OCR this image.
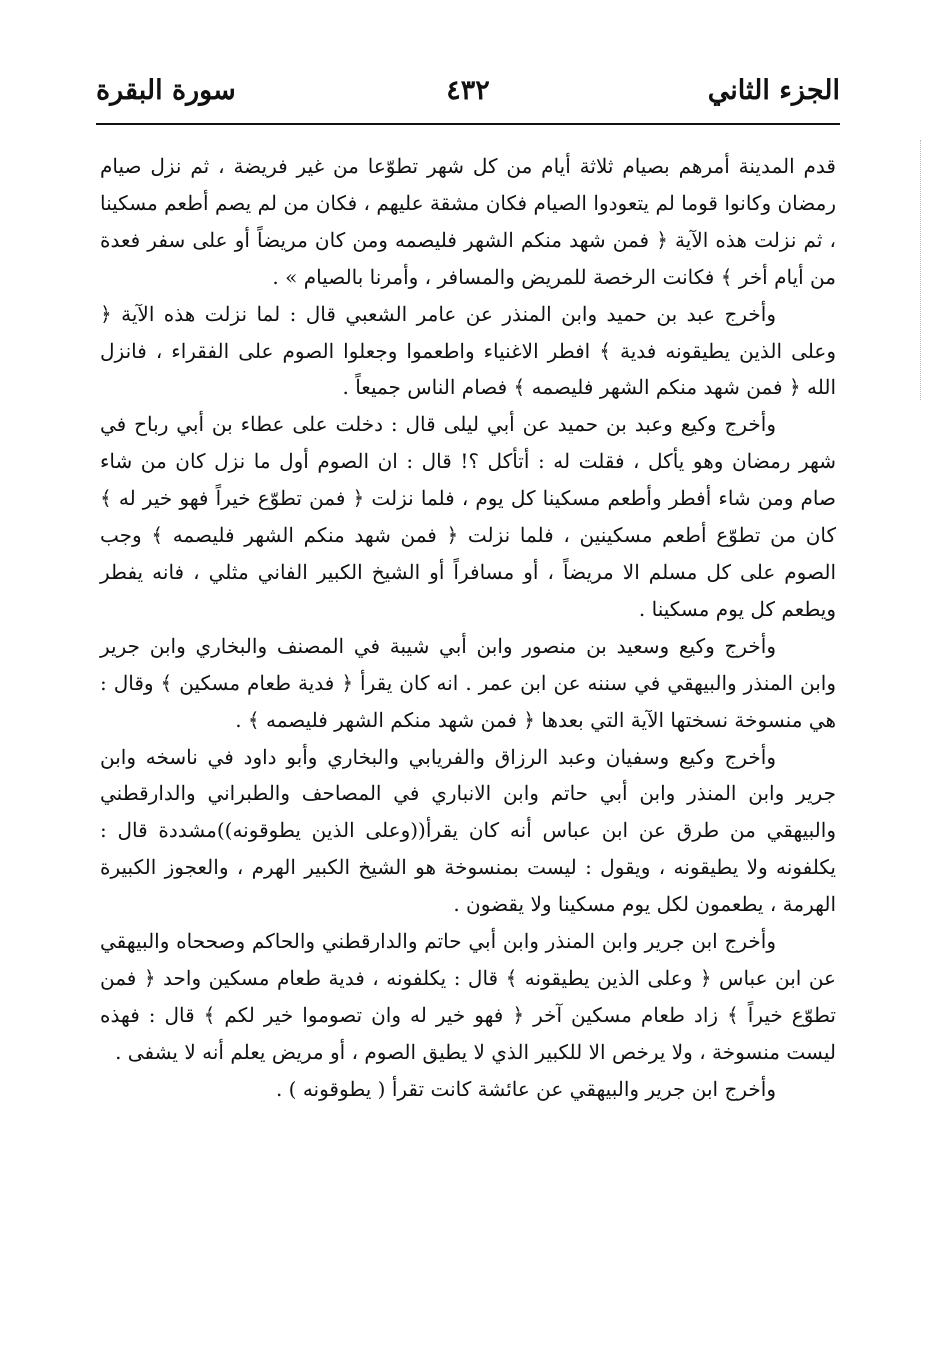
الجزء الثاني
٤٣٢
سورة البقرة

قدم المدينة أمرهم بصيام ثلاثة أيام من كل شهر تطوّعا من غير فريضة ، ثم نزل صيام رمضان وكانوا قوما لم يتعودوا الصيام فكان مشقة عليهم ، فكان من لم يصم أطعم مسكينا ، ثم نزلت هذه الآية ﴿ فمن شهد منكم الشهر فليصمه ومن كان مريضاً أو على سفر فعدة من أيام أخر ﴾ فكانت الرخصة للمريض والمسافر ، وأمرنا بالصيام » .

وأخرج عبد بن حميد وابن المنذر عن عامر الشعبي قال : لما نزلت هذه الآية ﴿ وعلى الذين يطيقونه فدية ﴾ افطر الاغنياء واطعموا وجعلوا الصوم على الفقراء ، فانزل الله ﴿ فمن شهد منكم الشهر فليصمه ﴾ فصام الناس جميعاً .

وأخرج وكيع وعبد بن حميد عن أبي ليلى قال : دخلت على عطاء بن أبي رباح في شهر رمضان وهو يأكل ، فقلت له : أتأكل ؟! قال : ان الصوم أول ما نزل كان من شاء صام ومن شاء أفطر وأطعم مسكينا كل يوم ، فلما نزلت ﴿ فمن تطوّع خيراً فهو خير له ﴾ كان من تطوّع أطعم مسكينين ، فلما نزلت ﴿ فمن شهد منكم الشهر فليصمه ﴾ وجب الصوم على كل مسلم الا مريضاً ، أو مسافراً أو الشيخ الكبير الفاني مثلي ، فانه يفطر ويطعم كل يوم مسكينا .

وأخرج وكيع وسعيد بن منصور وابن أبي شيبة في المصنف والبخاري وابن جرير وابن المنذر والبيهقي في سننه عن ابن عمر . انه كان يقرأ ﴿ فدية طعام مسكين ﴾ وقال : هي منسوخة نسختها الآية التي بعدها ﴿ فمن شهد منكم الشهر فليصمه ﴾ .

وأخرج وكيع وسفيان وعبد الرزاق والفريابي والبخاري وأبو داود في ناسخه وابن جرير وابن المنذر وابن أبي حاتم وابن الانباري في المصاحف والطبراني والدارقطني والبيهقي من طرق عن ابن عباس أنه كان يقرأ((وعلى الذين يطوقونه))مشددة قال : يكلفونه ولا يطيقونه ، ويقول : ليست بمنسوخة هو الشيخ الكبير الهرم ، والعجوز الكبيرة الهرمة ، يطعمون لكل يوم مسكينا ولا يقضون .

وأخرج ابن جرير وابن المنذر وابن أبي حاتم والدارقطني والحاكم وصححاه والبيهقي عن ابن عباس ﴿ وعلى الذين يطيقونه ﴾ قال : يكلفونه ، فدية طعام مسكين واحد ﴿ فمن تطوّع خيراً ﴾ زاد طعام مسكين آخر ﴿ فهو خير له وان تصوموا خير لكم ﴾ قال : فهذه ليست منسوخة ، ولا يرخص الا للكبير الذي لا يطيق الصوم ، أو مريض يعلم أنه لا يشفى .

وأخرج ابن جرير والبيهقي عن عائشة كانت تقرأ ( يطوقونه ) .
